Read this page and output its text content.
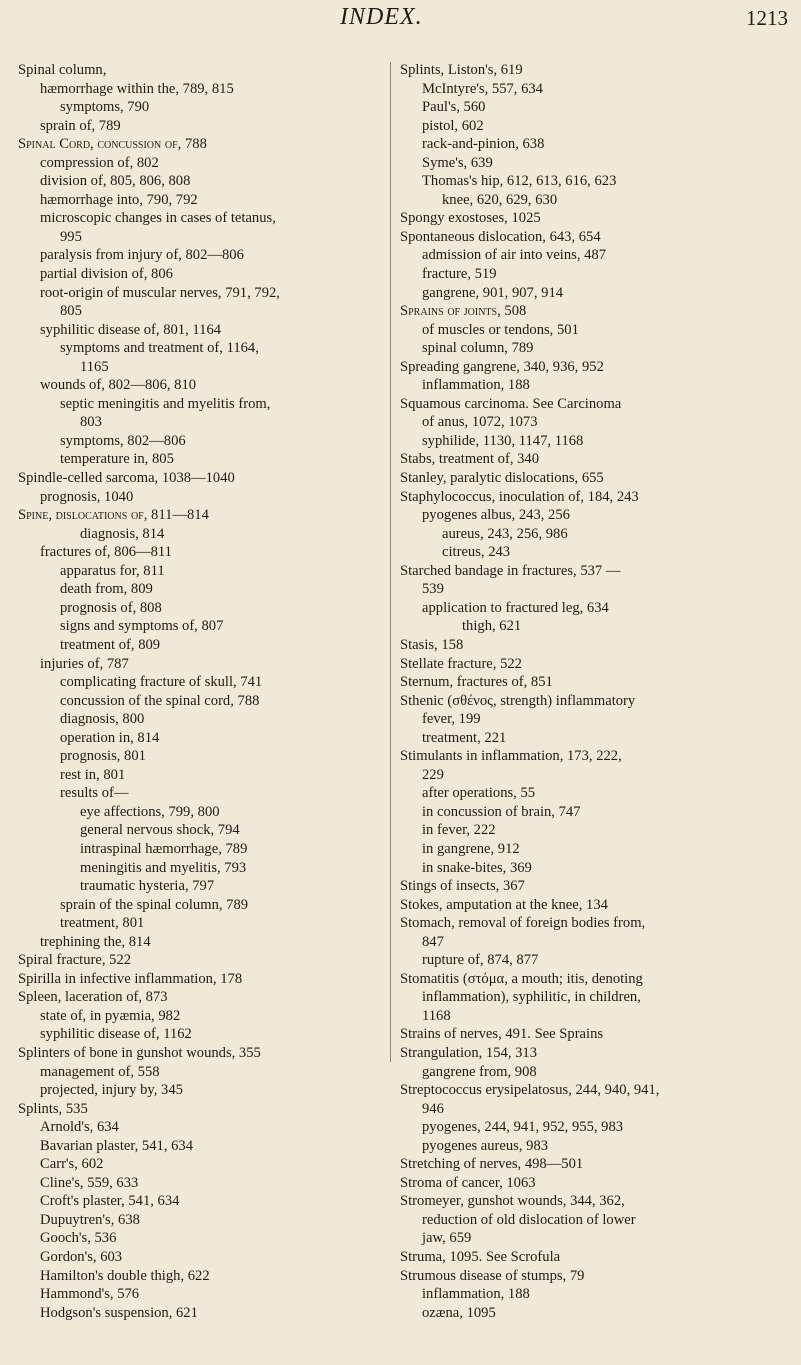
INDEX.	1213
Spinal column,
hæmorrhage within the, 789, 815
symptoms, 790
sprain of, 789
Spinal Cord, concussion of, 788
compression of, 802
division of, 805, 806, 808
hæmorrhage into, 790, 792
microscopic changes in cases of tetanus,
995
paralysis from injury of, 802—806
partial division of, 806
root-origin of muscular nerves, 791, 792,
805
syphilitic disease of, 801, 1164
symptoms and treatment of, 1164,
1165
wounds of, 802—806, 810
septic meningitis and myelitis from,
803
symptoms, 802—806
temperature in, 805
Spindle-celled sarcoma, 1038—1040
prognosis, 1040
Spine, dislocations of, 811—814
diagnosis, 814
fractures of, 806—811
apparatus for, 811
death from, 809
prognosis of, 808
signs and symptoms of, 807
treatment of, 809
injuries of, 787
complicating fracture of skull, 741
concussion of the spinal cord, 788
diagnosis, 800
operation in, 814
prognosis, 801
rest in, 801
results of—
eye affections, 799, 800
general nervous shock, 794
intraspinal hæmorrhage, 789
meningitis and myelitis, 793
traumatic hysteria, 797
sprain of the spinal column, 789
treatment, 801
trephining the, 814
Spiral fracture, 522
Spirilla in infective inflammation, 178
Spleen, laceration of, 873
state of, in pyæmia, 982
syphilitic disease of, 1162
Splinters of bone in gunshot wounds, 355
management of, 558
projected, injury by, 345
Splints, 535
Arnold's, 634
Bavarian plaster, 541, 634
Carr's, 602
Cline's, 559, 633
Croft's plaster, 541, 634
Dupuytren's, 638
Gooch's, 536
Gordon's, 603
Hamilton's double thigh, 622
Hammond's, 576
Hodgson's suspension, 621
Splints, Liston's, 619
McIntyre's, 557, 634
Paul's, 560
pistol, 602
rack-and-pinion, 638
Syme's, 639
Thomas's hip, 612, 613, 616, 623
knee, 620, 629, 630
Spongy exostoses, 1025
Spontaneous dislocation, 643, 654
admission of air into veins, 487
fracture, 519
gangrene, 901, 907, 914
Sprains of joints, 508
of muscles or tendons, 501
spinal column, 789
Spreading gangrene, 340, 936, 952
inflammation, 188
Squamous carcinoma. See Carcinoma
of anus, 1072, 1073
syphilide, 1130, 1147, 1168
Stabs, treatment of, 340
Stanley, paralytic dislocations, 655
Staphylococcus, inoculation of, 184, 243
pyogenes albus, 243, 256
aureus, 243, 256, 986
citreus, 243
Starched bandage in fractures, 537 —
539
application to fractured leg, 634
thigh, 621
Stasis, 158
Stellate fracture, 522
Sternum, fractures of, 851
Sthenic (σθένος, strength) inflammatory
fever, 199
treatment, 221
Stimulants in inflammation, 173, 222,
229
after operations, 55
in concussion of brain, 747
in fever, 222
in gangrene, 912
in snake-bites, 369
Stings of insects, 367
Stokes, amputation at the knee, 134
Stomach, removal of foreign bodies from,
847
rupture of, 874, 877
Stomatitis (στόμα, a mouth; itis, denoting
inflammation), syphilitic, in children,
1168
Strains of nerves, 491. See Sprains
Strangulation, 154, 313
gangrene from, 908
Streptococcus erysipelatosus, 244, 940, 941,
946
pyogenes, 244, 941, 952, 955, 983
pyogenes aureus, 983
Stretching of nerves, 498—501
Stroma of cancer, 1063
Stromeyer, gunshot wounds, 344, 362,
reduction of old dislocation of lower
jaw, 659
Struma, 1095. See Scrofula
Strumous disease of stumps, 79
inflammation, 188
ozæna, 1095
